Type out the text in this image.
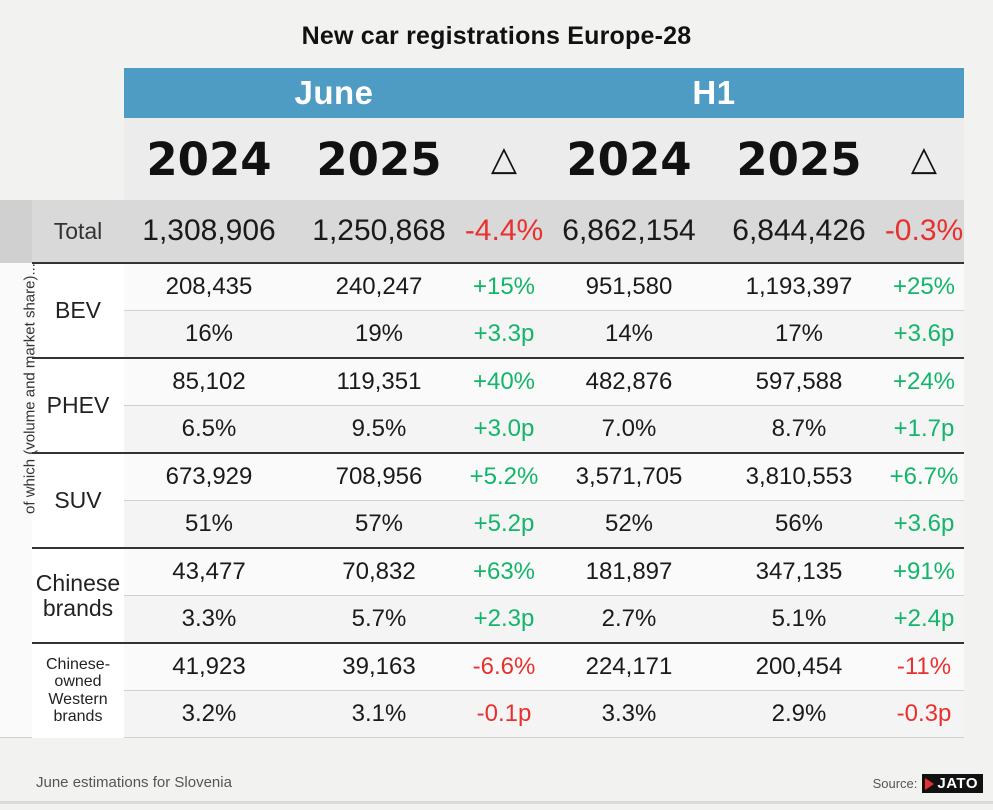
New car registrations Europe-28
		June			H1		
		2024	2025	△	2024	2025	△

of which (volume and market share)...	Total	1,308,906	1,250,868	-4.4%	6,862,154	6,844,426	-0.3%
	BEV	208,435	240,247	+15%	951,580	1,193,397	+25%
		16%	19%	+3.3p	14%	17%	+3.6p
	PHEV	85,102	119,351	+40%	482,876	597,588	+24%
		6.5%	9.5%	+3.0p	7.0%	8.7%	+1.7p
	SUV	673,929	708,956	+5.2%	3,571,705	3,810,553	+6.7%
		51%	57%	+5.2p	52%	56%	+3.6p
	Chinese
brands	43,477	70,832	+63%	181,897	347,135	+91%
		3.3%	5.7%	+2.3p	2.7%	5.1%	+2.4p
	Chinese-
owned
Western
brands	41,923	39,163	-6.6%	224,171	200,454	-11%
		3.2%	3.1%	-0.1p	3.3%	2.9%	-0.3p
June estimations for Slovenia	Source: JATO
